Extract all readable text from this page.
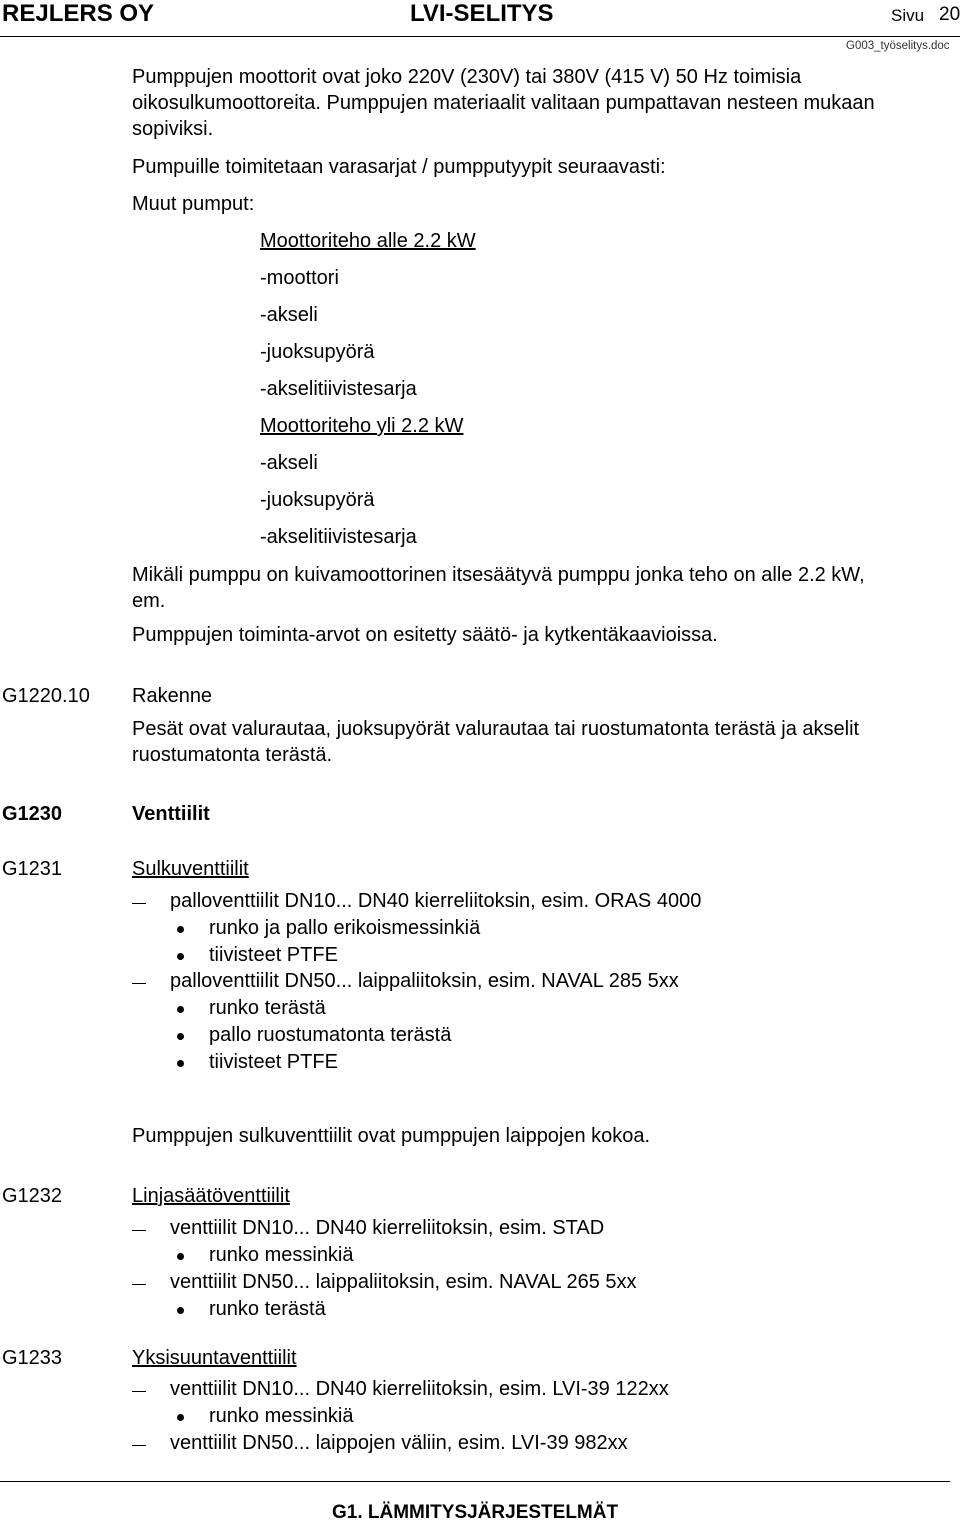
REJLERS OY	LVI-SELITYS	Sivu 20
G003_työselitys.doc
Pumppujen moottorit ovat joko 220V (230V) tai 380V (415 V) 50 Hz toimisia
oikosulkumoottoreita. Pumppujen materiaalit valitaan pumpattavan nesteen mukaan
sopiviksi.
Pumpuille toimitetaan varasarjat / pumpputyypit seuraavasti:
Muut pumput:
Moottoriteho alle 2.2 kW
-moottori
-akseli
-juoksupyörä
-akselitiivistesarja
Moottoriteho yli 2.2 kW
-akseli
-juoksupyörä
-akselitiivistesarja
Mikäli pumppu on kuivamoottorinen itsesäätyvä pumppu jonka teho on alle 2.2 kW,
em.
Pumppujen toiminta-arvot on esitetty säätö- ja kytkentäkaavioissa.
G1220.10 Rakenne
Pesät ovat valurautaa, juoksupyörät valurautaa tai ruostumatonta terästä ja akselit
ruostumatonta terästä.
G1230	Venttiilit
G1231	Sulkuventtiilit
palloventtiilit DN10... DN40 kierreliitoksin, esim. ORAS 4000
runko ja pallo erikoismessinkiä
tiivisteet PTFE
palloventtiilit DN50... laippaliitoksin, esim. NAVAL 285 5xx
runko terästä
pallo ruostumatonta terästä
tiivisteet PTFE
Pumppujen sulkuventtiilit ovat pumppujen laippojen kokoa.
G1232	Linjasäätöventtiilit
venttiilit DN10... DN40 kierreliitoksin, esim. STAD
runko messinkiä
venttiilit DN50... laippaliitoksin, esim. NAVAL 265 5xx
runko terästä
G1233	Yksisuuntaventtiilit
venttiilit DN10... DN40 kierreliitoksin, esim. LVI-39 122xx
runko messinkiä
venttiilit DN50... laippojen väliin, esim. LVI-39 982xx
G1. LÄMMITYSJÄRJESTELMÄT
